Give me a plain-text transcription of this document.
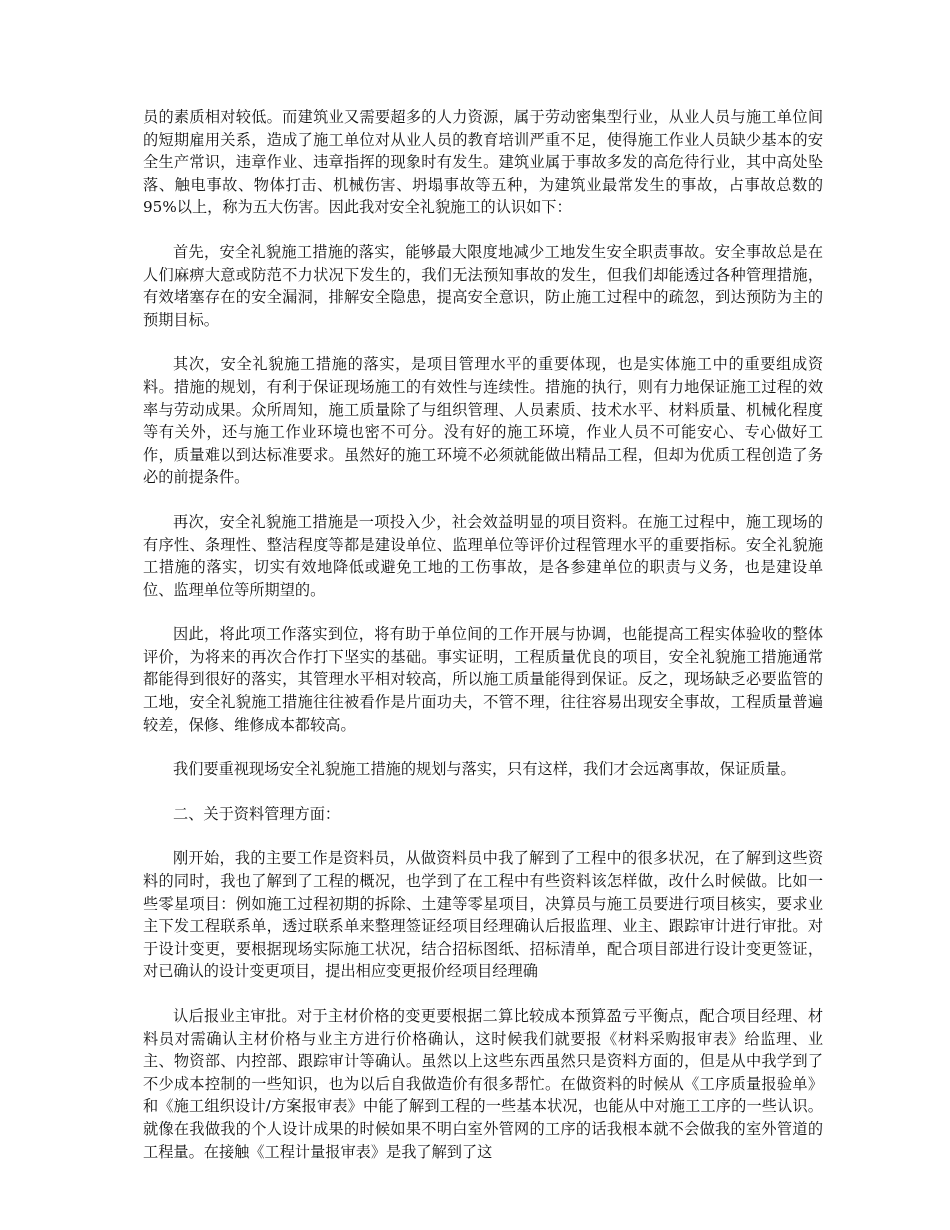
员的素质相对较低。而建筑业又需要超多的人力资源，属于劳动密集型行业，从业人员与施工单位间的短期雇用关系，造成了施工单位对从业人员的教育培训严重不足，使得施工作业人员缺少基本的安全生产常识，违章作业、违章指挥的现象时有发生。建筑业属于事故多发的高危待行业，其中高处坠落、触电事故、物体打击、机械伤害、坍塌事故等五种，为建筑业最常发生的事故，占事故总数的 95%以上，称为五大伤害。因此我对安全礼貌施工的认识如下：

首先，安全礼貌施工措施的落实，能够最大限度地减少工地发生安全职责事故。安全事故总是在人们麻痹大意或防范不力状况下发生的，我们无法预知事故的发生，但我们却能透过各种管理措施，有效堵塞存在的安全漏洞，排解安全隐患，提高安全意识，防止施工过程中的疏忽，到达预防为主的预期目标。

其次，安全礼貌施工措施的落实，是项目管理水平的重要体现，也是实体施工中的重要组成资料。措施的规划，有利于保证现场施工的有效性与连续性。措施的执行，则有力地保证施工过程的效率与劳动成果。众所周知，施工质量除了与组织管理、人员素质、技术水平、材料质量、机械化程度等有关外，还与施工作业环境也密不可分。没有好的施工环境，作业人员不可能安心、专心做好工作，质量难以到达标准要求。虽然好的施工环境不必须就能做出精品工程，但却为优质工程创造了务必的前提条件。

再次，安全礼貌施工措施是一项投入少，社会效益明显的项目资料。在施工过程中，施工现场的有序性、条理性、整洁程度等都是建设单位、监理单位等评价过程管理水平的重要指标。安全礼貌施工措施的落实，切实有效地降低或避免工地的工伤事故，是各参建单位的职责与义务，也是建设单位、监理单位等所期望的。

因此，将此项工作落实到位，将有助于单位间的工作开展与协调，也能提高工程实体验收的整体评价，为将来的再次合作打下坚实的基础。事实证明，工程质量优良的项目，安全礼貌施工措施通常都能得到很好的落实，其管理水平相对较高，所以施工质量能得到保证。反之，现场缺乏必要监管的工地，安全礼貌施工措施往往被看作是片面功夫，不管不理，往往容易出现安全事故，工程质量普遍较差，保修、维修成本都较高。

我们要重视现场安全礼貌施工措施的规划与落实，只有这样，我们才会远离事故，保证质量。

二、关于资料管理方面：

刚开始，我的主要工作是资料员，从做资料员中我了解到了工程中的很多状况，在了解到这些资料的同时，我也了解到了工程的概况，也学到了在工程中有些资料该怎样做，改什么时候做。比如一些零星项目：例如施工过程初期的拆除、土建等零星项目，决算员与施工员要进行项目核实，要求业主下发工程联系单，透过联系单来整理签证经项目经理确认后报监理、业主、跟踪审计进行审批。对于设计变更，要根据现场实际施工状况，结合招标图纸、招标清单，配合项目部进行设计变更签证，对已确认的设计变更项目，提出相应变更报价经项目经理确

认后报业主审批。对于主材价格的变更要根据二算比较成本预算盈亏平衡点，配合项目经理、材料员对需确认主材价格与业主方进行价格确认，这时候我们就要报《材料采购报审表》给监理、业主、物资部、内控部、跟踪审计等确认。虽然以上这些东西虽然只是资料方面的，但是从中我学到了不少成本控制的一些知识，也为以后自我做造价有很多帮忙。在做资料的时候从《工序质量报验单》和《施工组织设计/方案报审表》中能了解到工程的一些基本状况，也能从中对施工工序的一些认识。就像在我做我的个人设计成果的时候如果不明白室外管网的工序的话我根本就不会做我的室外管道的工程量。在接触《工程计量报审表》是我了解到了这
